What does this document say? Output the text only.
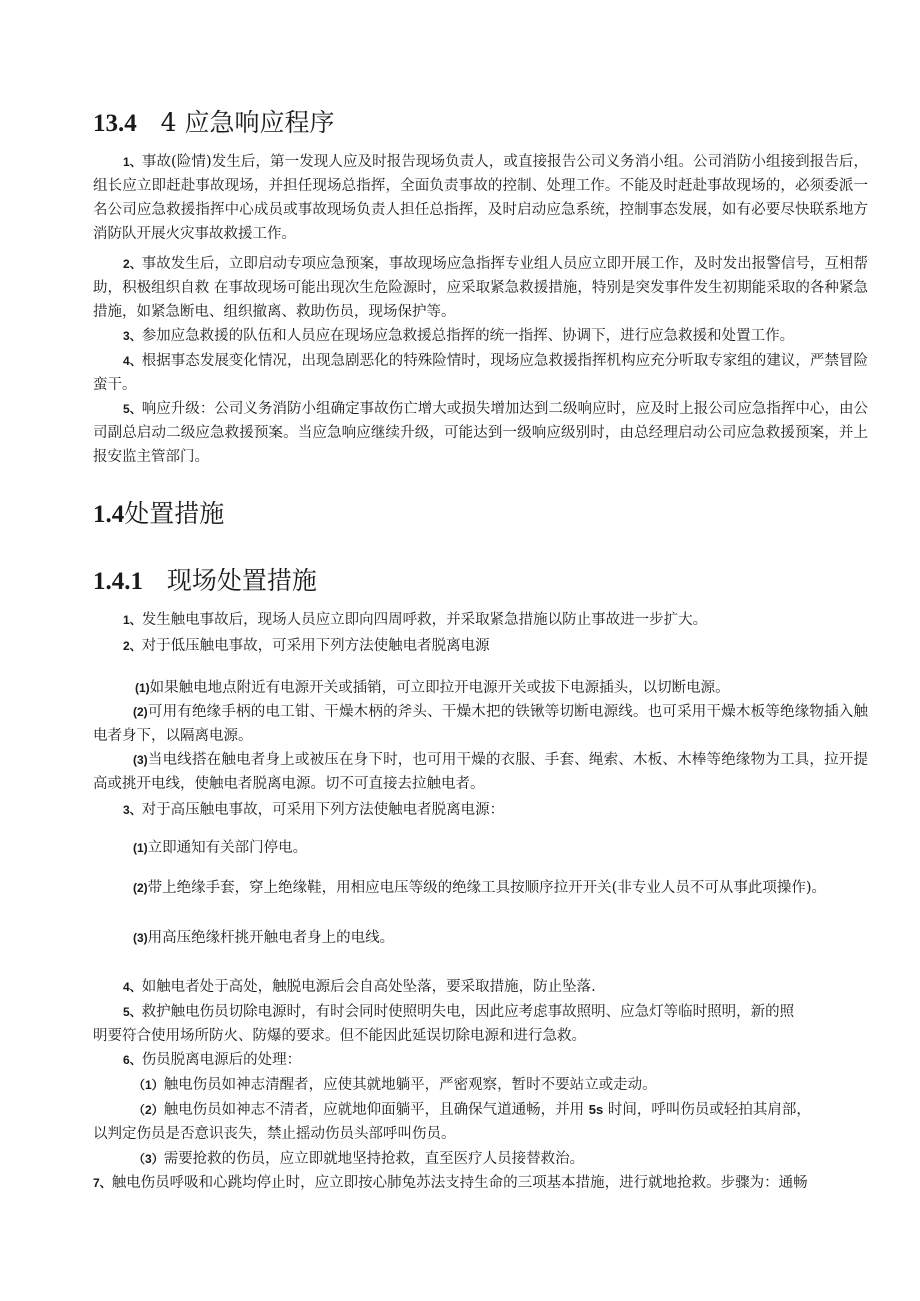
13.4 4 应急响应程序

1、事故(险情)发生后，第一发现人应及时报告现场负责人，或直接报告公司义务消小组。公司消防小组接到报告后，组长应立即赶赴事故现场，并担任现场总指挥，全面负责事故的控制、处理工作。不能及时赶赴事故现场的，必须委派一名公司应急救援指挥中心成员或事故现场负责人担任总指挥，及时启动应急系统，控制事态发展，如有必要尽快联系地方消防队开展火灾事故救援工作。

2、事故发生后，立即启动专项应急预案，事故现场应急指挥专业组人员应立即开展工作，及时发出报警信号，互相帮助，积极组织自救 在事故现场可能出现次生危险源时，应采取紧急救援措施，特别是突发事件发生初期能采取的各种紧急措施，如紧急断电、组织撤离、救助伤员，现场保护等。

3、参加应急救援的队伍和人员应在现场应急救援总指挥的统一指挥、协调下，进行应急救援和处置工作。

4、根据事态发展变化情况，出现急剧恶化的特殊险情时，现场应急救援指挥机构应充分听取专家组的建议，严禁冒险蛮干。

5、响应升级：公司义务消防小组确定事故伤亡增大或损失增加达到二级响应时，应及时上报公司应急指挥中心，由公司副总启动二级应急救援预案。当应急响应继续升级，可能达到一级响应级别时，由总经理启动公司应急救援预案，并上报安监主管部门。

1.4处置措施
1.4.1 现场处置措施

1、发生触电事故后，现场人员应立即向四周呼救，并采取紧急措施以防止事故进一步扩大。

2、对于低压触电事故，可采用下列方法使触电者脱离电源

(1)如果触电地点附近有电源开关或插销，可立即拉开电源开关或拔下电源插头，以切断电源。

(2)可用有绝缘手柄的电工钳、干燥木柄的斧头、干燥木把的铁锹等切断电源线。也可采用干燥木板等绝缘物插入触电者身下，以隔离电源。

(3)当电线搭在触电者身上或被压在身下时，也可用干燥的衣服、手套、绳索、木板、木棒等绝缘物为工具，拉开提高或挑开电线，使触电者脱离电源。切不可直接去拉触电者。

3、对于高压触电事故，可采用下列方法使触电者脱离电源：

(1)立即通知有关部门停电。

(2)带上绝缘手套，穿上绝缘鞋，用相应电压等级的绝缘工具按顺序拉开开关(非专业人员不可从事此项操作)。

(3)用高压绝缘杆挑开触电者身上的电线。

4、如触电者处于高处，触脱电源后会自高处坠落，要采取措施，防止坠落.

5、救护触电伤员切除电源时，有时会同时使照明失电，因此应考虑事故照明、应急灯等临时照明，新的照

明要符合使用场所防火、防爆的要求。但不能因此延误切除电源和进行急救。

6、伤员脱离电源后的处理：

（1）触电伤员如神志清醒者，应使其就地躺平，严密观察，暂时不要站立或走动。

（2）触电伤员如神志不清者，应就地仰面躺平，且确保气道通畅，并用 5s 时间，呼叫伤员或轻拍其肩部，

以判定伤员是否意识丧失，禁止摇动伤员头部呼叫伤员。

（3）需要抢救的伤员，应立即就地坚持抢救，直至医疗人员接替救治。

7、触电伤员呼吸和心跳均停止时，应立即按心肺兔苏法支持生命的三项基本措施，进行就地抢救。步骤为：通畅
